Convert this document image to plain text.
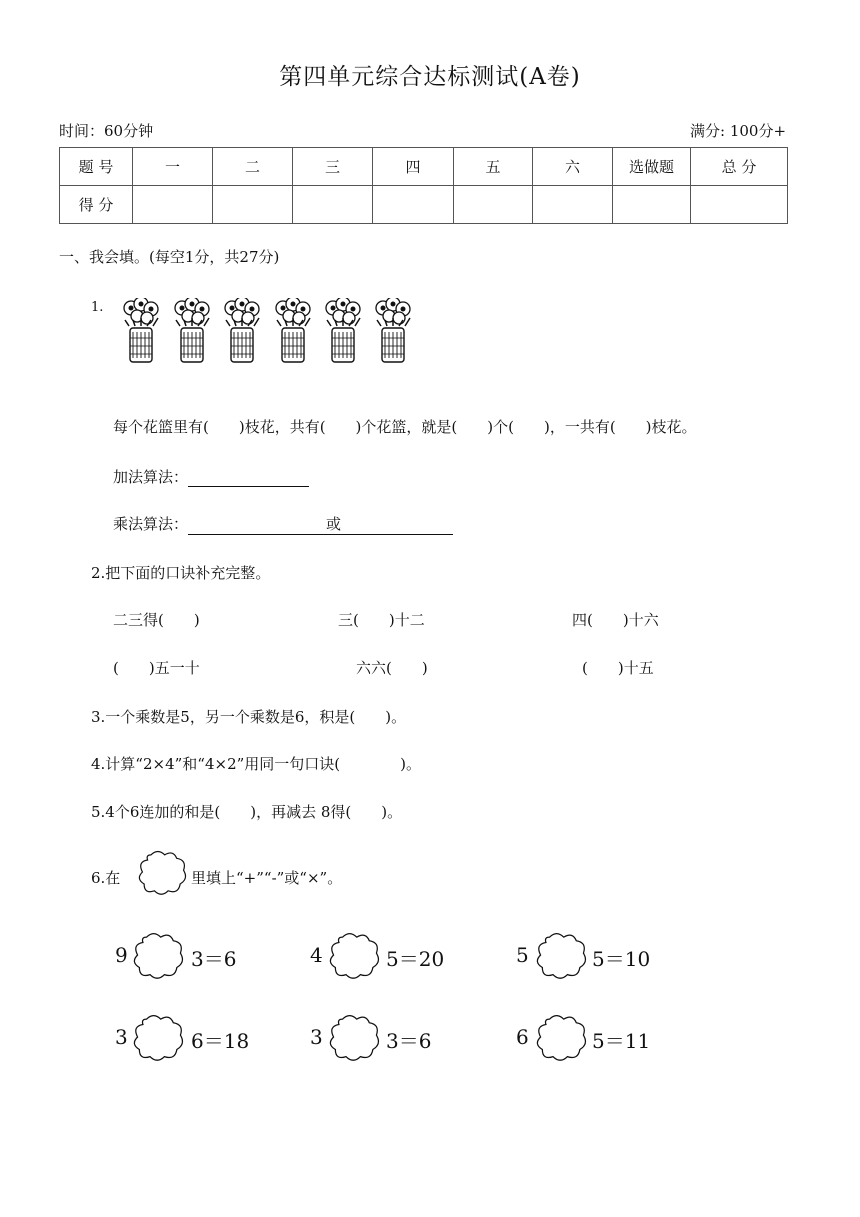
第四单元综合达标测试(A卷)
时间：60分钟	满分: 100分+
题 号	一	二	三	四	五	六	选做题	总 分
得 分								
一、我会填。(每空1分，共27分)
1.
每个花篮里有(　　)枝花，共有(　　)个花篮，就是(　　)个(　　)，一共有(　　)枝花。
加法算法：
乘法算法：	或
2.把下面的口诀补充完整。
二三得(　　)	三(　　)十二	四(　　)十六
(　　)五一十	六六(　　)	(　　)十五
3.一个乘数是5，另一个乘数是6，积是(　　)。
4.计算“2×4”和“4×2”用同一句口诀(　　　　)。
5.4个6连加的和是(　　)，再减去 8得(　　)。
6.在	里填上“+”“-”或“×”。
9	3＝6	4	5＝20	5	5＝10
3	6＝18	3	3＝6	6	5＝11
